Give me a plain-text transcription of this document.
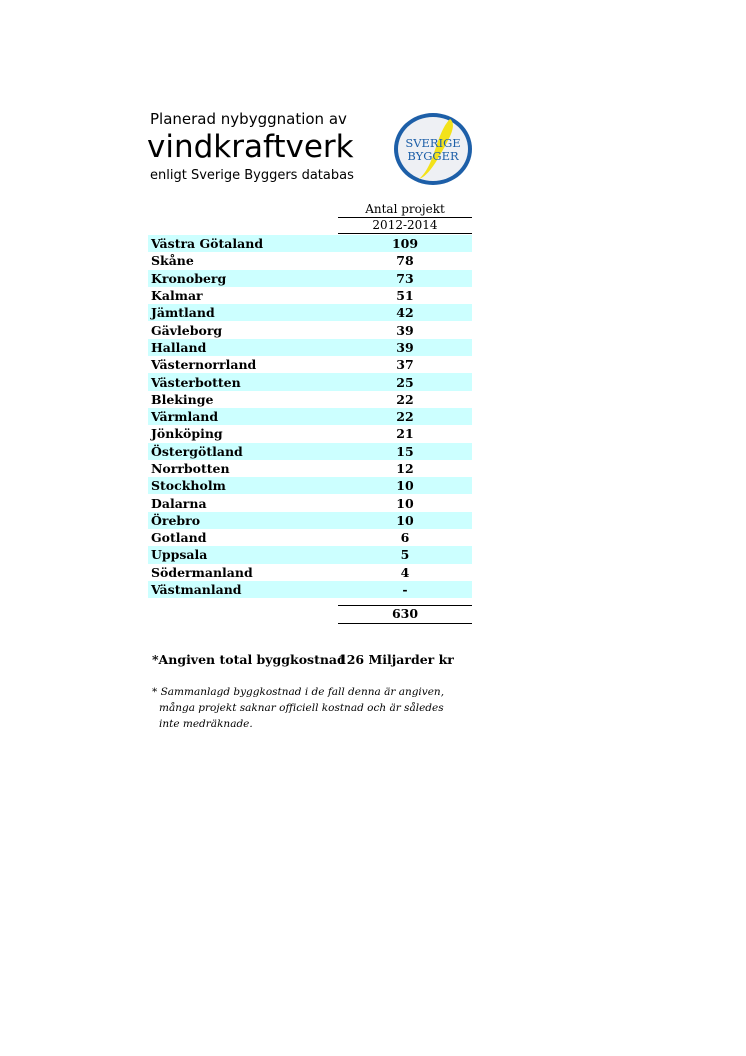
Planerad nybyggnation av
vindkraftverk
enligt Sverige Byggers databas
SVERIGE
BYGGER
Antal projekt
2012-2014
Västra Götaland	109
Skåne	78
Kronoberg	73
Kalmar	51
Jämtland	42
Gävleborg	39
Halland	39
Västernorrland	37
Västerbotten	25
Blekinge	22
Värmland	22
Jönköping	21
Östergötland	15
Norrbotten	12
Stockholm	10
Dalarna	10
Örebro	10
Gotland	6
Uppsala	5
Södermanland	4
Västmanland	-
630
*Angiven total byggkostnad
126 Miljarder kr
* Sammanlagd byggkostnad i de fall denna är angiven,
många projekt saknar officiell kostnad och är således
inte medräknade.
